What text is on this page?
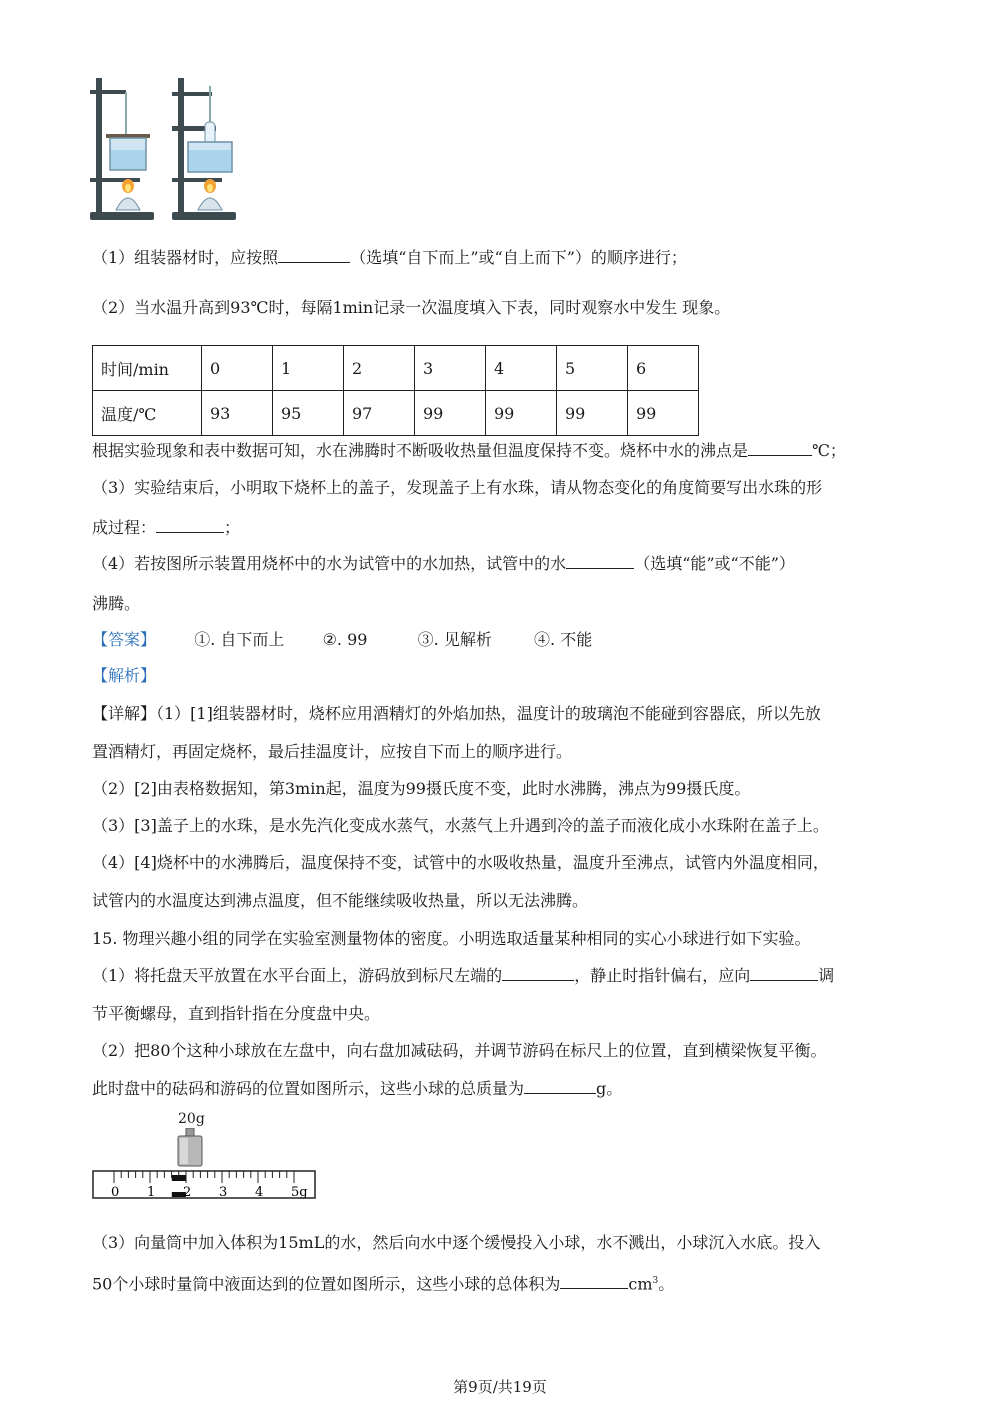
（1）组装器材时，应按照	（选填“自下而上”或“自上而下”）的顺序进行；
（2）当水温升高到93℃时，每隔1min记录一次温度填入下表，同时观察水中发生 现象。
时间/min	0	1	2	3	4	5	6
温度/℃	93	95	97	99	99	99	99
根据实验现象和表中数据可知，水在沸腾时不断吸收热量但温度保持不变。烧杯中水的沸点是	℃；
（3）实验结束后，小明取下烧杯上的盖子，发现盖子上有水珠，请从物态变化的角度简要写出水珠的形
成过程：	；
（4）若按图所示装置用烧杯中的水为试管中的水加热，试管中的水	（选填“能”或“不能”）
沸腾。
【答案】 ①. 自下而上 ②. 99	③. 见解析	④. 不能
【解析】
【详解】（1）[1]组装器材时，烧杯应用酒精灯的外焰加热，温度计的玻璃泡不能碰到容器底，所以先放
置酒精灯，再固定烧杯，最后挂温度计，应按自下而上的顺序进行。
（2）[2]由表格数据知，第3min起，温度为99摄氏度不变，此时水沸腾，沸点为99摄氏度。
（3）[3]盖子上的水珠，是水先汽化变成水蒸气，水蒸气上升遇到冷的盖子而液化成小水珠附在盖子上。
（4）[4]烧杯中的水沸腾后，温度保持不变，试管中的水吸收热量，温度升至沸点，试管内外温度相同，
试管内的水温度达到沸点温度，但不能继续吸收热量，所以无法沸腾。
15. 物理兴趣小组的同学在实验室测量物体的密度。小明选取适量某种相同的实心小球进行如下实验。
（1）将托盘天平放置在水平台面上，游码放到标尺左端的	，静止时指针偏右，应向	调
节平衡螺母，直到指针指在分度盘中央。
（2）把80个这种小球放在左盘中，向右盘加减砝码，并调节游码在标尺上的位置，直到横梁恢复平衡。
此时盘中的砝码和游码的位置如图所示，这些小球的总质量为	g。
20g
0 1 2 3 4 5g
（3）向量筒中加入体积为15mL的水，然后向水中逐个缓慢投入小球，水不溅出，小球沉入水底。投入
50个小球时量筒中液面达到的位置如图所示，这些小球的总体积为	$cm^3$。
第9页/共19页
